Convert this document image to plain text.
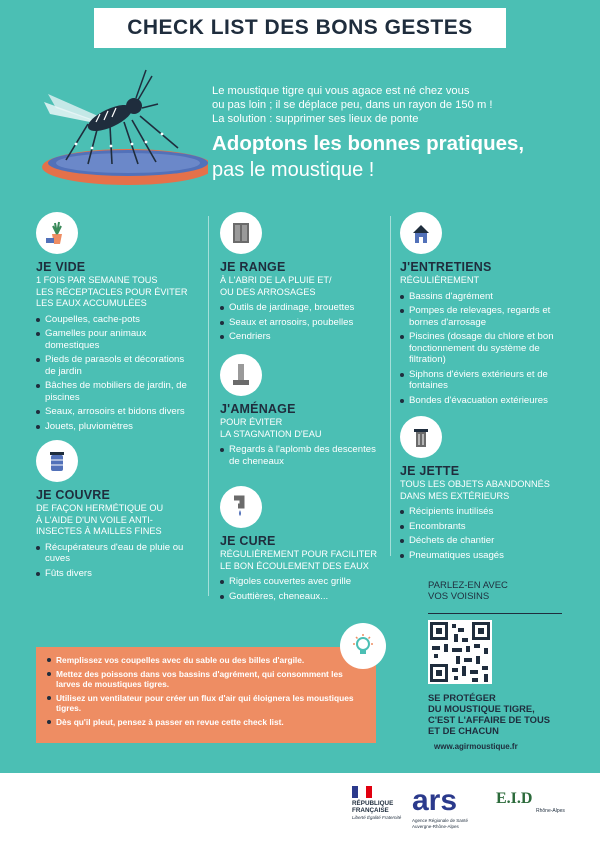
CHECK LIST DES BONS GESTES
Le moustique tigre qui vous agace est né chez vous
ou pas loin ; il se déplace peu, dans un rayon de 150 m !
La solution : supprimer ses lieux de ponte
Adoptons les bonnes pratiques,
pas le moustique !
JE VIDE
1 FOIS PAR SEMAINE TOUS
LES RÉCEPTACLES POUR ÉVITER
LES EAUX ACCUMULÉES
Coupelles, cache-pots
Gamelles pour animaux domestiques
Pieds de parasols et décorations de jardin
Bâches de mobiliers de jardin, de piscines
Seaux, arrosoirs et bidons divers
Jouets, pluviomètres
JE COUVRE
DE FAÇON HERMÉTIQUE OU
À L'AIDE D'UN VOILE ANTI-
INSECTES À MAILLES FINES
Récupérateurs d'eau de pluie ou cuves
Fûts divers
JE RANGE
À L'ABRI DE LA PLUIE ET/
OU DES ARROSAGES
Outils de jardinage, brouettes
Seaux et arrosoirs, poubelles
Cendriers
J'AMÉNAGE
POUR ÉVITER
LA STAGNATION D'EAU
Regards à l'aplomb des descentes de cheneaux
JE CURE
RÉGULIÈREMENT POUR FACILITER
LE BON ÉCOULEMENT DES EAUX
Rigoles couvertes avec grille
Gouttières, cheneaux...
J'ENTRETIENS
RÉGULIÈREMENT
Bassins d'agrément
Pompes de relevages, regards et bornes d'arrosage
Piscines (dosage du chlore et bon fonctionnement du système de filtration)
Siphons d'éviers extérieurs et de fontaines
Bondes d'évacuation extérieures
JE JETTE
TOUS LES OBJETS ABANDONNÉS
DANS MES EXTÉRIEURS
Récipients inutilisés
Encombrants
Déchets de chantier
Pneumatiques usagés
Remplissez vos coupelles avec du sable ou des billes d'argile.
Mettez des poissons dans vos bassins d'agrément, qui consomment les larves de moustiques tigres.
Utilisez un ventilateur pour créer un flux d'air qui éloignera les moustiques tigres.
Dès qu'il pleut, pensez à passer en revue cette check list.
PARLEZ-EN AVEC
VOS VOISINS
SE PROTÉGER
DU MOUSTIQUE TIGRE,
C'EST L'AFFAIRE DE TOUS
ET DE CHACUN
www.agirmoustique.fr
RÉPUBLIQUE
FRANÇAISE
Liberté Égalité Fraternité
ars
Agence Régionale de Santé Auvergne-Rhône-Alpes
E.I.D
Rhône-Alpes
